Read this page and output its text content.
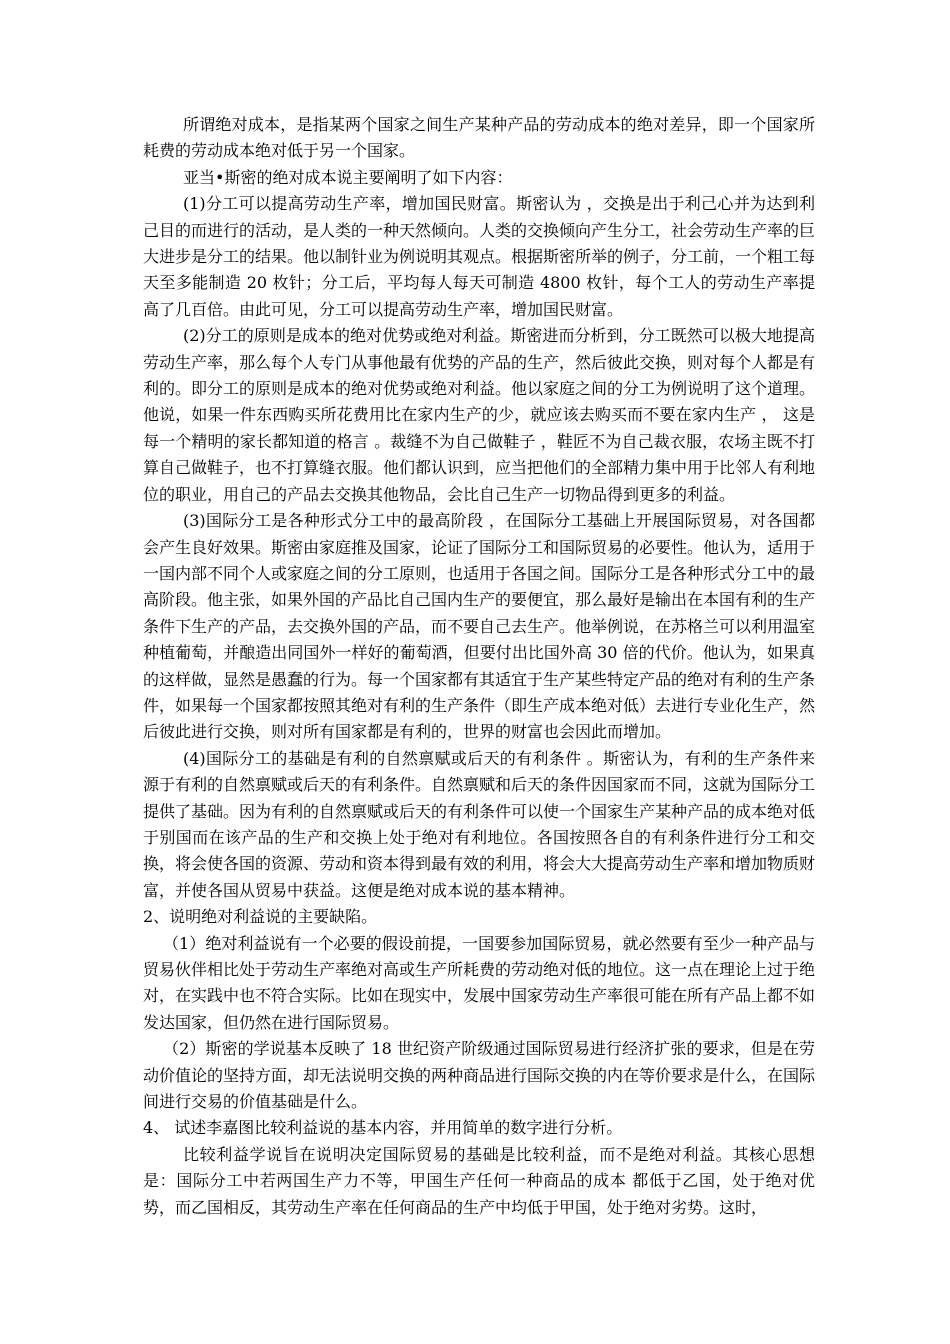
所谓绝对成本，是指某两个国家之间生产某种产品的劳动成本的绝对差异，即一个国家所耗费的劳动成本绝对低于另一个国家。

亚当•斯密的绝对成本说主要阐明了如下内容：

(1)分工可以提高劳动生产率，增加国民财富。斯密认为 ，交换是出于利己心并为达到利己目的而进行的活动，是人类的一种天然倾向。人类的交换倾向产生分工，社会劳动生产率的巨大进步是分工的结果。他以制针业为例说明其观点。根据斯密所举的例子，分工前，一个粗工每天至多能制造 20 枚针；分工后，平均每人每天可制造 4800 枚针，每个工人的劳动生产率提高了几百倍。由此可见，分工可以提高劳动生产率，增加国民财富。

(2)分工的原则是成本的绝对优势或绝对利益。斯密进而分析到，分工既然可以极大地提高劳动生产率，那么每个人专门从事他最有优势的产品的生产，然后彼此交换，则对每个人都是有利的。即分工的原则是成本的绝对优势或绝对利益。他以家庭之间的分工为例说明了这个道理。他说，如果一件东西购买所花费用比在家内生产的少，就应该去购买而不要在家内生产 ， 这是每一个精明的家长都知道的格言 。裁缝不为自己做鞋子 ，鞋匠不为自己裁衣服，农场主既不打算自己做鞋子，也不打算缝衣服。他们都认识到，应当把他们的全部精力集中用于比邻人有利地位的职业，用自己的产品去交换其他物品，会比自己生产一切物品得到更多的利益。

(3)国际分工是各种形式分工中的最高阶段 ，在国际分工基础上开展国际贸易，对各国都会产生良好效果。斯密由家庭推及国家，论证了国际分工和国际贸易的必要性。他认为，适用于一国内部不同个人或家庭之间的分工原则，也适用于各国之间。国际分工是各种形式分工中的最高阶段。他主张，如果外国的产品比自己国内生产的要便宜，那么最好是输出在本国有利的生产条件下生产的产品，去交换外国的产品，而不要自己去生产。他举例说，在苏格兰可以利用温室种植葡萄，并酿造出同国外一样好的葡萄酒，但要付出比国外高 30 倍的代价。他认为，如果真的这样做，显然是愚蠢的行为。每一个国家都有其适宜于生产某些特定产品的绝对有利的生产条件，如果每一个国家都按照其绝对有利的生产条件（即生产成本绝对低）去进行专业化生产，然后彼此进行交换，则对所有国家都是有利的，世界的财富也会因此而增加。

(4)国际分工的基础是有利的自然禀赋或后天的有利条件 。斯密认为，有利的生产条件来源于有利的自然禀赋或后天的有利条件。自然禀赋和后天的条件因国家而不同，这就为国际分工提供了基础。因为有利的自然禀赋或后天的有利条件可以使一个国家生产某种产品的成本绝对低于别国而在该产品的生产和交换上处于绝对有利地位。各国按照各自的有利条件进行分工和交换，将会使各国的资源、劳动和资本得到最有效的利用，将会大大提高劳动生产率和增加物质财富，并使各国从贸易中获益。这便是绝对成本说的基本精神。

2、说明绝对利益说的主要缺陷。

（1）绝对利益说有一个必要的假设前提，一国要参加国际贸易，就必然要有至少一种产品与贸易伙伴相比处于劳动生产率绝对高或生产所耗费的劳动绝对低的地位。这一点在理论上过于绝对，在实践中也不符合实际。比如在现实中，发展中国家劳动生产率很可能在所有产品上都不如发达国家，但仍然在进行国际贸易。

（2）斯密的学说基本反映了 18 世纪资产阶级通过国际贸易进行经济扩张的要求，但是在劳动价值论的坚持方面，却无法说明交换的两种商品进行国际交换的内在等价要求是什么，在国际间进行交易的价值基础是什么。

4、 试述李嘉图比较利益说的基本内容，并用简单的数字进行分析。

比较利益学说旨在说明决定国际贸易的基础是比较利益，而不是绝对利益。其核心思想是：国际分工中若两国生产力不等，甲国生产任何一种商品的成本 都低于乙国，处于绝对优势，而乙国相反，其劳动生产率在任何商品的生产中均低于甲国，处于绝对劣势。这时，
